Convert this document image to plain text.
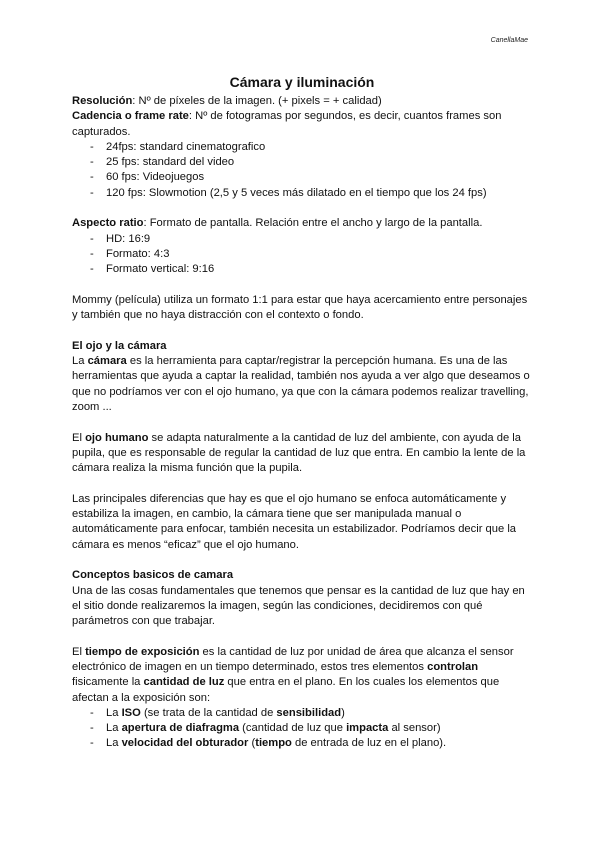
CanellaMae
Cámara y iluminación

Resolución: Nº de píxeles de la imagen. (+ pixels = + calidad)

Cadencia o frame rate: Nº de fotogramas por segundos, es decir, cuantos frames son capturados.

- 24fps: standard cinematografico
- 25 fps: standard del video
- 60 fps: Videojuegos
- 120 fps: Slowmotion (2,5 y 5 veces más dilatado en el tiempo que los 24 fps)

Aspecto ratio: Formato de pantalla. Relación entre el ancho y largo de la pantalla.

- HD: 16:9
- Formato: 4:3
- Formato vertical: 9:16

Mommy (película) utiliza un formato 1:1 para estar que haya acercamiento entre personajes y también que no haya distracción con el contexto o fondo.

El ojo y la cámara

La cámara es la herramienta para captar/registrar la percepción humana. Es una de las herramientas que ayuda a captar la realidad, también nos ayuda a ver algo que deseamos o que no podríamos ver con el ojo humano, ya que con la cámara podemos realizar travelling, zoom ...

El ojo humano se adapta naturalmente a la cantidad de luz del ambiente, con ayuda de la pupila, que es responsable de regular la cantidad de luz que entra. En cambio la lente de la cámara realiza la misma función que la pupila.

Las principales diferencias que hay es que el ojo humano se enfoca automáticamente y estabiliza la imagen, en cambio, la cámara tiene que ser manipulada manual o automáticamente para enfocar, también necesita un estabilizador. Podríamos decir que la cámara es menos “eficaz” que el ojo humano.

Conceptos basicos de camara

Una de las cosas fundamentales que tenemos que pensar es la cantidad de luz que hay en el sitio donde realizaremos la imagen, según las condiciones, decidiremos con qué parámetros con que trabajar.

El tiempo de exposición es la cantidad de luz por unidad de área que alcanza el sensor electrónico de imagen en un tiempo determinado, estos tres elementos controlan fisicamente la cantidad de luz que entra en el plano. En los cuales los elementos que afectan a la exposición son:

- La ISO (se trata de la cantidad de sensibilidad)
- La apertura de diafragma (cantidad de luz que impacta al sensor)
- La velocidad del obturador (tiempo de entrada de luz en el plano).
